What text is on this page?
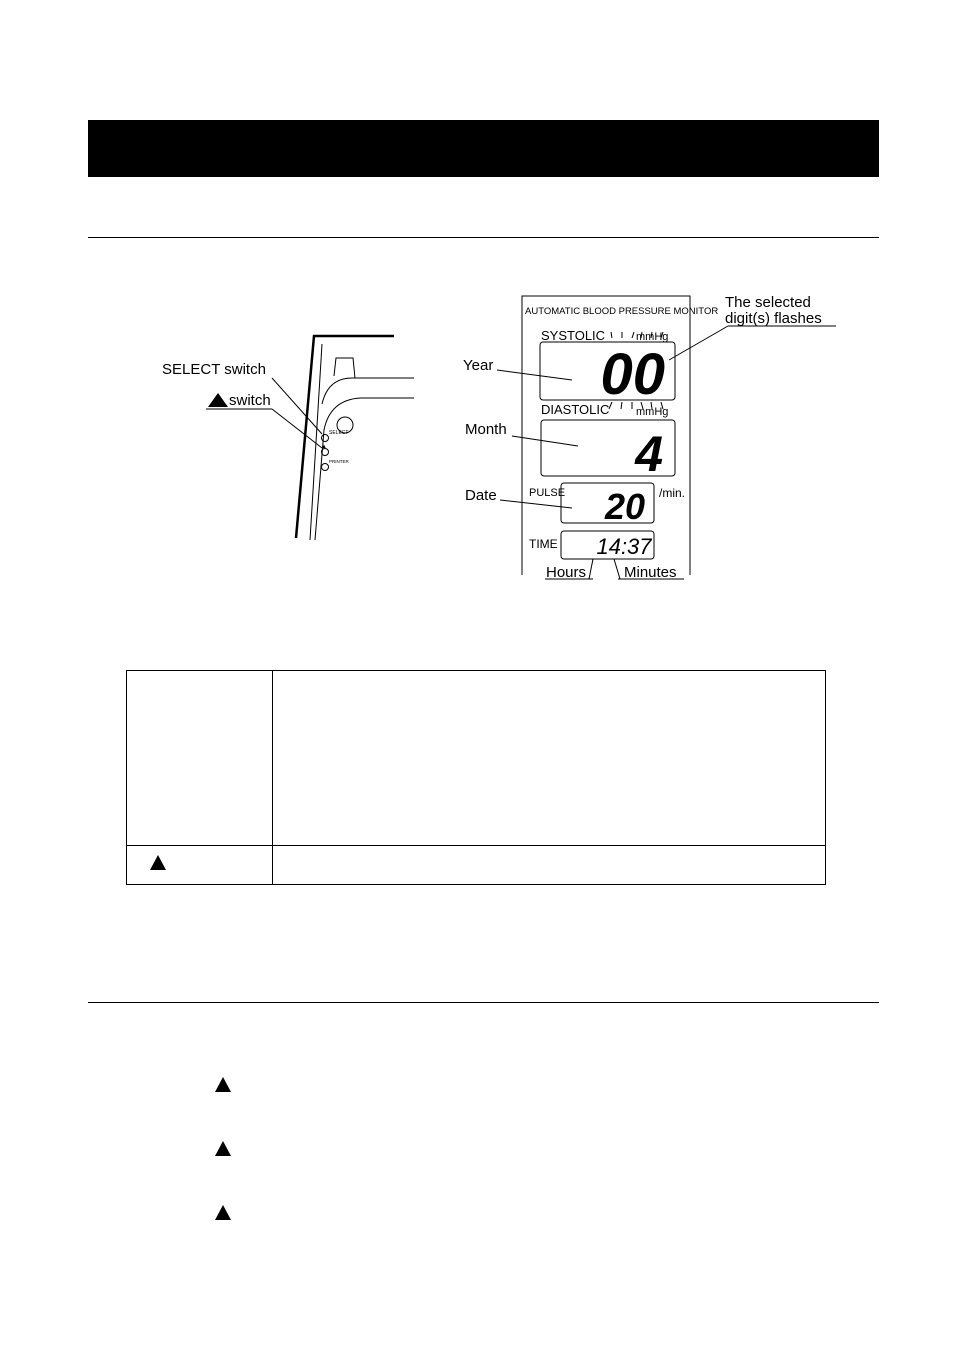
SELECT
▲
PRINTER
SELECT switch
switch
AUTOMATIC BLOOD PRESSURE MONITOR
SYSTOLIC	mmHg
DIASTOLIC mmHg
PULSE	/min.
TIME
00
4
20
14:37
Year
Month
Date
The selected
digit(s) flashes
Hours	Minutes
